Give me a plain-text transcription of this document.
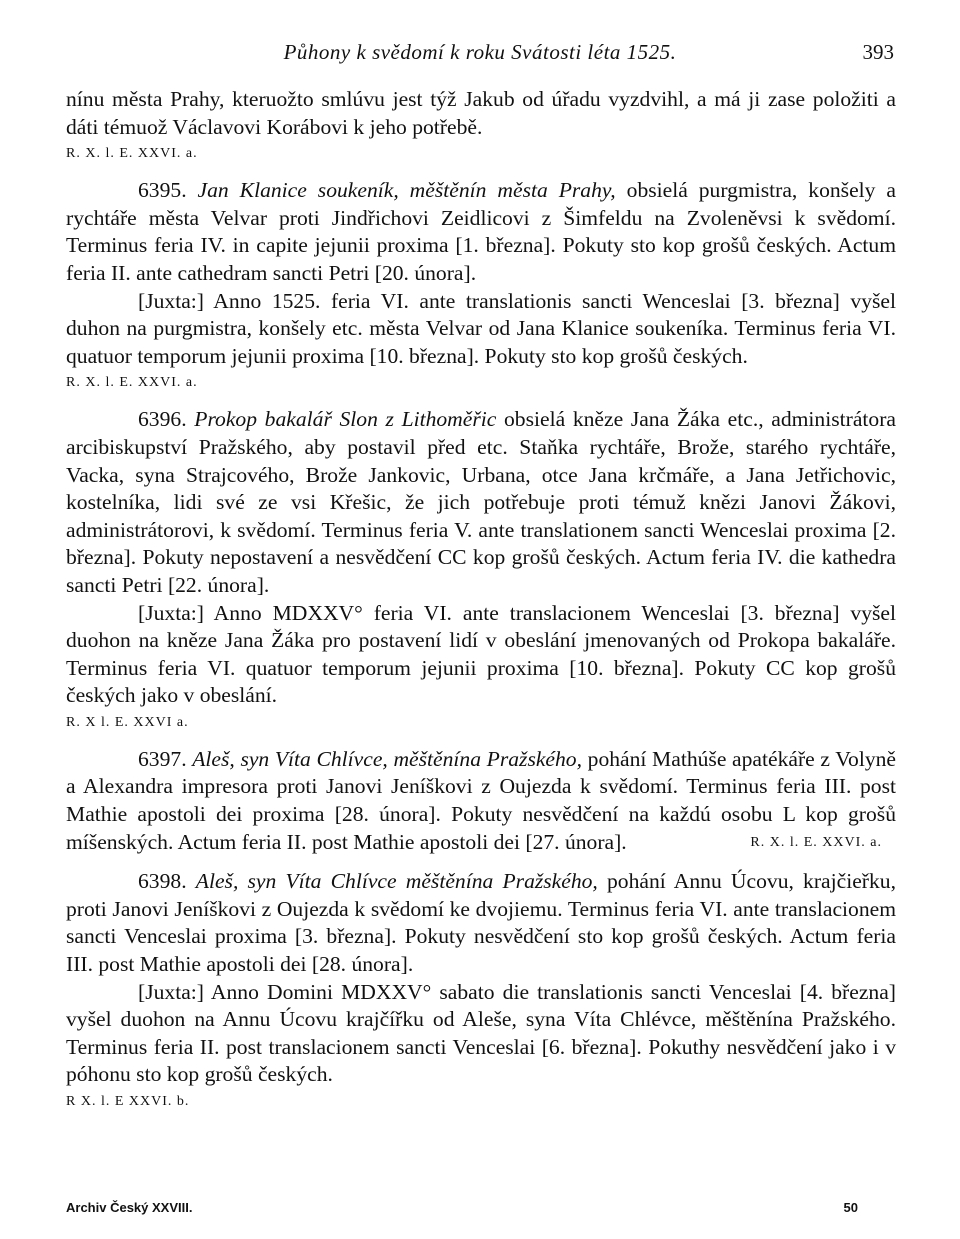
Půhony k svědomí k roku Svátosti léta 1525.	393

nínu města Prahy, kteruožto smlúvu jest týž Jakub od úřadu vyzdvihl, a má ji zase položiti a dáti témuož Václavovi Korábovi k jeho potřebě.

R. X. l. E. XXVI. a.

6395. Jan Klanice soukeník, měštěnín města Prahy, obsielá purgmistra, konšely a rychtáře města Velvar proti Jindřichovi Zeidlicovi z Šimfeldu na Zvoleněvsi k svědomí. Terminus feria IV. in capite jejunii proxima [1. března]. Pokuty sto kop grošů českých. Actum feria II. ante cathedram sancti Petri [20. února].

[Juxta:] Anno 1525. feria VI. ante translationis sancti Wenceslai [3. března] vyšel duhon na purgmistra, konšely etc. města Velvar od Jana Klanice soukeníka. Terminus feria VI. quatuor temporum jejunii proxima [10. března]. Pokuty sto kop grošů českých.

R. X. l. E. XXVI. a.

6396. Prokop bakalář Slon z Lithoměřic obsielá kněze Jana Žáka etc., administrátora arcibiskupství Pražského, aby postavil před etc. Staňka rychtáře, Brože, starého rychtáře, Vacka, syna Strajcového, Brože Jankovic, Urbana, otce Jana krčmáře, a Jana Jetřichovic, kostelníka, lidi své ze vsi Křešic, že jich potřebuje proti témuž knězi Janovi Žákovi, administrátorovi, k svědomí. Terminus feria V. ante translationem sancti Wenceslai proxima [2. března]. Pokuty nepostavení a nesvědčení CC kop grošů českých. Actum feria IV. die kathedra sancti Petri [22. února].

[Juxta:] Anno MDXXV° feria VI. ante translacionem Wenceslai [3. března] vyšel duohon na kněze Jana Žáka pro postavení lidí v obeslání jmenovaných od Prokopa bakaláře. Terminus feria VI. quatuor temporum jejunii proxima [10. března]. Pokuty CC kop grošů českých jako v obeslání.

R. X l. E. XXVI a.

6397. Aleš, syn Víta Chlívce, měštěnína Pražského, pohání Mathúše apatékáře z Volyně a Alexandra impresora proti Janovi Jeníškovi z Oujezda k svědomí. Terminus feria III. post Mathie apostoli dei proxima [28. února]. Pokuty nesvědčení na každú osobu L kop grošů míšenských. Actum feria II. post Mathie apostoli dei [27. února].	R. X. l. E. XXVI. a.

6398. Aleš, syn Víta Chlívce měštěnína Pražského, pohání Annu Úcovu, krajčieřku, proti Janovi Jeníškovi z Oujezda k svědomí ke dvojiemu. Terminus feria VI. ante translacionem sancti Venceslai proxima [3. března]. Pokuty nesvědčení sto kop grošů českých. Actum feria III. post Mathie apostoli dei [28. února].

[Juxta:] Anno Domini MDXXV° sabato die translationis sancti Venceslai [4. března] vyšel duohon na Annu Úcovu krajčířku od Aleše, syna Víta Chlévce, měštěnína Pražského. Terminus feria II. post translacionem sancti Venceslai [6. března]. Pokuthy nesvědčení jako i v póhonu sto kop grošů českých.

R X. l. E XXVI. b.

Archiv Český XXVIII.	50
